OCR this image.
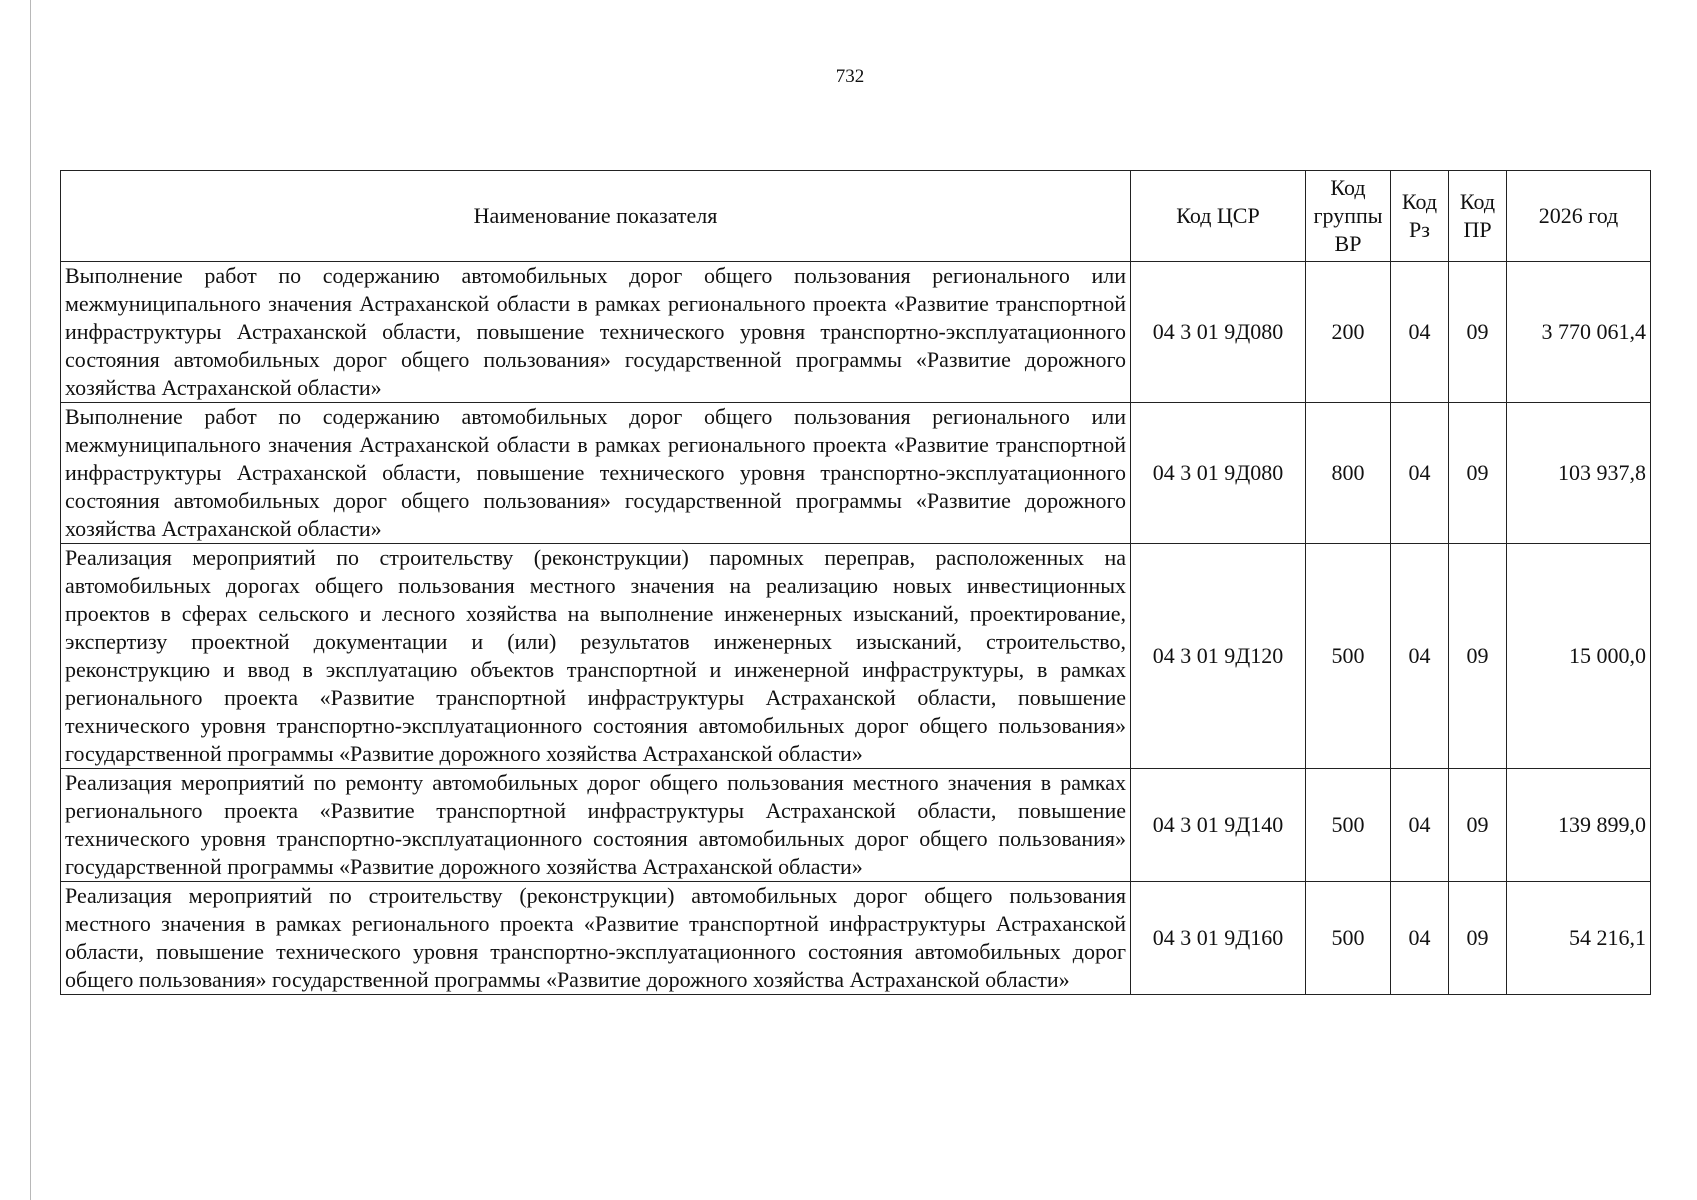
732
Наименование показателя	Код ЦСР	Код группы ВР	Код Рз	Код ПР	2026 год
Выполнение работ по содержанию автомобильных дорог общего пользования регионального или межмуниципального значения Астраханской области в рамках регионального проекта «Развитие транспортной инфраструктуры Астраханской области, повышение технического уровня транспортно-эксплуатационного состояния автомобильных дорог общего пользования» государственной программы «Развитие дорожного хозяйства Астраханской области»	04 3 01 9Д080	200	04	09	3 770 061,4
Выполнение работ по содержанию автомобильных дорог общего пользования регионального или межмуниципального значения Астраханской области в рамках регионального проекта «Развитие транспортной инфраструктуры Астраханской области, повышение технического уровня транспортно-эксплуатационного состояния автомобильных дорог общего пользования» государственной программы «Развитие дорожного хозяйства Астраханской области»	04 3 01 9Д080	800	04	09	103 937,8
Реализация мероприятий по строительству (реконструкции) паромных переправ, расположенных на автомобильных дорогах общего пользования местного значения на реализацию новых инвестиционных проектов в сферах сельского и лесного хозяйства на выполнение инженерных изысканий, проектирование, экспертизу проектной документации и (или) результатов инженерных изысканий, строительство, реконструкцию и ввод в эксплуатацию объектов транспортной и инженерной инфраструктуры, в рамках регионального проекта «Развитие транспортной инфраструктуры Астраханской области, повышение технического уровня транспортно-эксплуатационного состояния автомобильных дорог общего пользования» государственной программы «Развитие дорожного хозяйства Астраханской области»	04 3 01 9Д120	500	04	09	15 000,0
Реализация мероприятий по ремонту автомобильных дорог общего пользования местного значения в рамках регионального проекта «Развитие транспортной инфраструктуры Астраханской области, повышение технического уровня транспортно-эксплуатационного состояния автомобильных дорог общего пользования» государственной программы «Развитие дорожного хозяйства Астраханской области»	04 3 01 9Д140	500	04	09	139 899,0
Реализация мероприятий по строительству (реконструкции) автомобильных дорог общего пользования местного значения в рамках регионального проекта «Развитие транспортной инфраструктуры Астраханской области, повышение технического уровня транспортно-эксплуатационного состояния автомобильных дорог общего пользования» государственной программы «Развитие дорожного хозяйства Астраханской области»	04 3 01 9Д160	500	04	09	54 216,1
